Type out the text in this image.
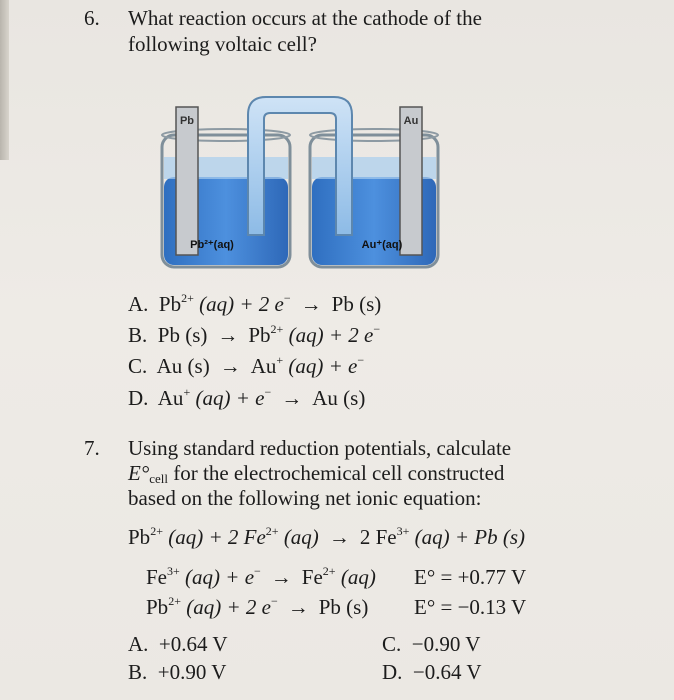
6. What reaction occurs at the cathode of the
following voltaic cell?
Pb	Au
Pb²⁺(aq)	Au⁺(aq)
A. $Pb^{2+}$ (aq) + 2 e− → Pb (s)
B. Pb $(s) \to Pb^{2+}$ (aq) + 2 e−
C. Au (s) → Au+ (aq) + e−
D. Au+ (aq) + e− → Au (s)
7. Using standard reduction potentials, calculate
$E^\circ_{cell}$ for the electrochemical cell constructed
based on the following net ionic equation:
$Pb^{2+}$ (aq) + 2 $Fe^{2+}$ (aq) → 2 $Fe^{3+}$ (aq) + Pb (s)
$Fe^{3+}$ $(aq) + e^- \to Fe^{2+}$ (aq) E° = +0.77 V
$Pb^{2+}$ (aq) + 2 e− → Pb (s) E° = −0.13 V
A. +0.64 V
B. +0.90 V
C. −0.90 V
D. −0.64 V
